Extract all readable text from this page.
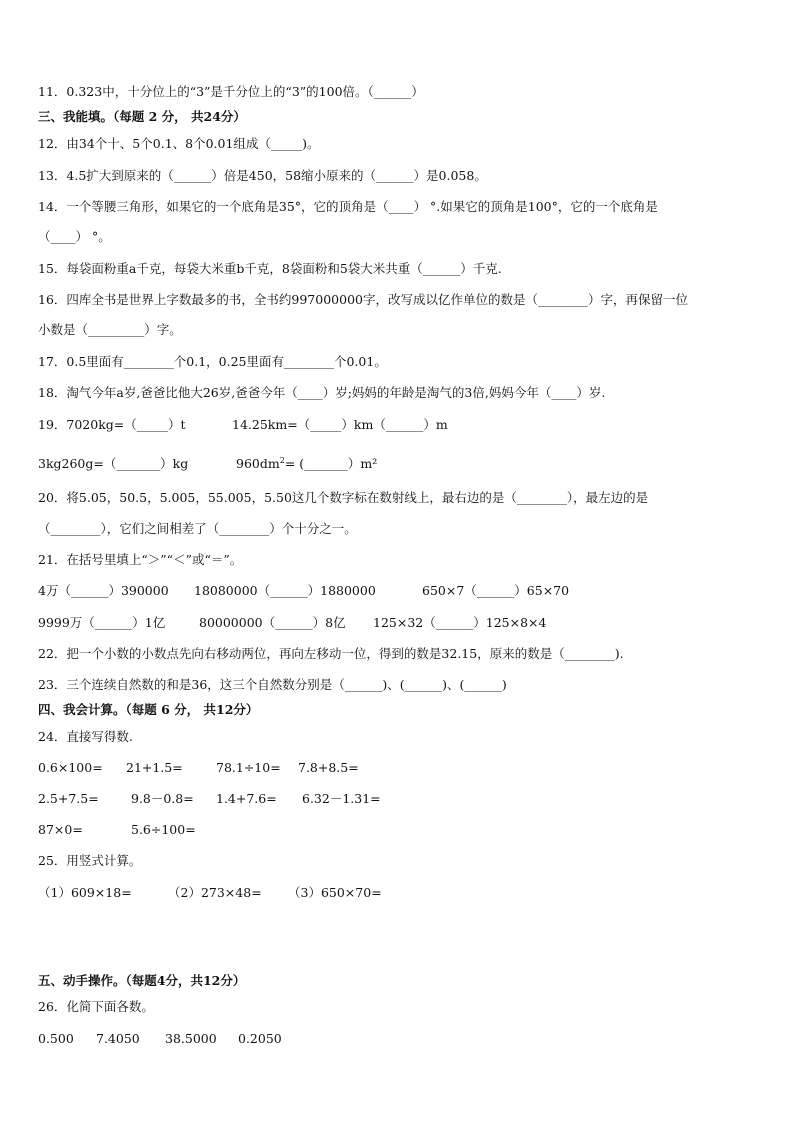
11．0.323中，十分位上的“3”是千分位上的“3”的100倍。（______）
三、我能填。（每题 2 分， 共24分）
12．由34个十、5个0.1、8个0.01组成（_____)。
13．4.5扩大到原来的（______）倍是450，58缩小原来的（______）是0.058。
14．一个等腰三角形，如果它的一个底角是35°，它的顶角是（____） °.如果它的顶角是100°，它的一个底角是
（____） °。
15．每袋面粉重a千克，每袋大米重b千克，8袋面粉和5袋大米共重（______）千克.
16．四库全书是世界上字数最多的书，全书约997000000字，改写成以亿作单位的数是（________）字，再保留一位
小数是（_________）字。
17．0.5里面有________个0.1，0.25里面有________个0.01。
18．淘气今年a岁,爸爸比他大26岁,爸爸今年（____）岁;妈妈的年龄是淘气的3倍,妈妈今年（____）岁.
19．7020kg=（_____）t	14.25km=（_____）km（______）m
3kg260g=（_______）kg	$960dm^2=$ (_______）m²
20．将5.05，50.5，5.005，55.005，5.50这几个数字标在数射线上，最右边的是（________），最左边的是
（________），它们之间相差了（________）个十分之一。
21．在括号里填上“＞”“＜”或“＝”。
4万（______）390000 18080000（______）1880000	650×7（______）65×70
9999万（______）1亿	80000000（______）8亿 125×32（______）125×8×4
22．把一个小数的小数点先向右移动两位，再向左移动一位，得到的数是32.15，原来的数是（________).
23．三个连续自然数的和是36，这三个自然数分别是（______)、(______)、(______)
四、我会计算。（每题 6 分， 共12分）
24．直接写得数.
0.6×100= 21+1.5=	78.1÷10= 7.8+8.5=
2.5+7.5=	9.8－0.8= 1.4+7.6= 6.32－1.31=
87×0=	5.6÷100=
25．用竖式计算。
（1）609×18=	（2）273×48= （3）650×70=
五、动手操作。（每题4分，共12分）
26．化简下面各数。
0.500 7.4050 38.5000 0.2050
